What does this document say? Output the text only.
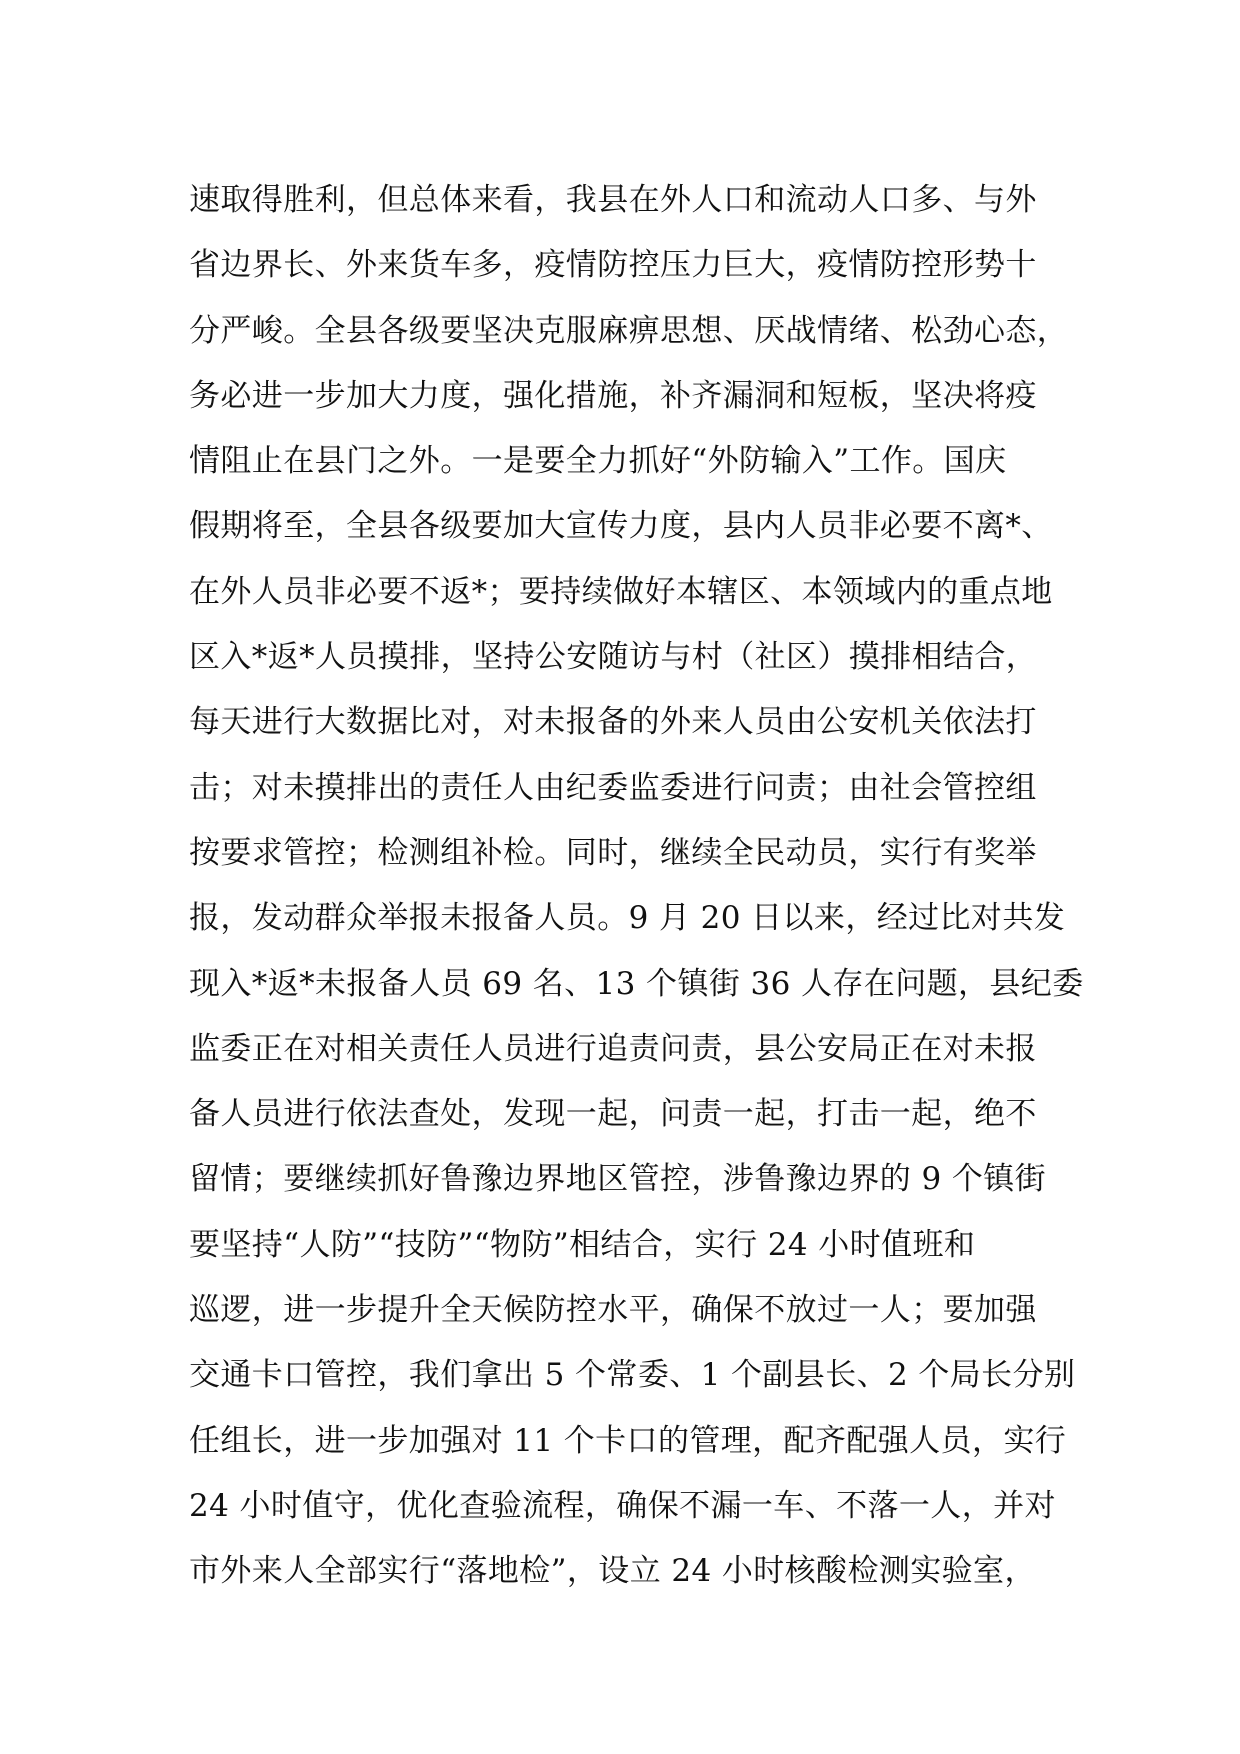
速取得胜利，但总体来看，我县在外人口和流动人口多、与外
省边界长、外来货车多，疫情防控压力巨大，疫情防控形势十
分严峻。全县各级要坚决克服麻痹思想、厌战情绪、松劲心态，
务必进一步加大力度，强化措施，补齐漏洞和短板，坚决将疫
情阻止在县门之外。一是要全力抓好“外防输入”工作。国庆
假期将至，全县各级要加大宣传力度，县内人员非必要不离*、
在外人员非必要不返*；要持续做好本辖区、本领域内的重点地
区入*返*人员摸排，坚持公安随访与村（社区）摸排相结合，
每天进行大数据比对，对未报备的外来人员由公安机关依法打
击；对未摸排出的责任人由纪委监委进行问责；由社会管控组
按要求管控；检测组补检。同时，继续全民动员，实行有奖举
报，发动群众举报未报备人员。9 月 20 日以来，经过比对共发
现入*返*未报备人员 69 名、13 个镇街 36 人存在问题，县纪委
监委正在对相关责任人员进行追责问责，县公安局正在对未报
备人员进行依法查处，发现一起，问责一起，打击一起，绝不
留情；要继续抓好鲁豫边界地区管控，涉鲁豫边界的 9 个镇街
要坚持“人防”“技防”“物防”相结合，实行 24 小时值班和
巡逻，进一步提升全天候防控水平，确保不放过一人；要加强
交通卡口管控，我们拿出 5 个常委、1 个副县长、2 个局长分别
任组长，进一步加强对 11 个卡口的管理，配齐配强人员，实行
24 小时值守，优化查验流程，确保不漏一车、不落一人，并对
市外来人全部实行“落地检”，设立 24 小时核酸检测实验室，
